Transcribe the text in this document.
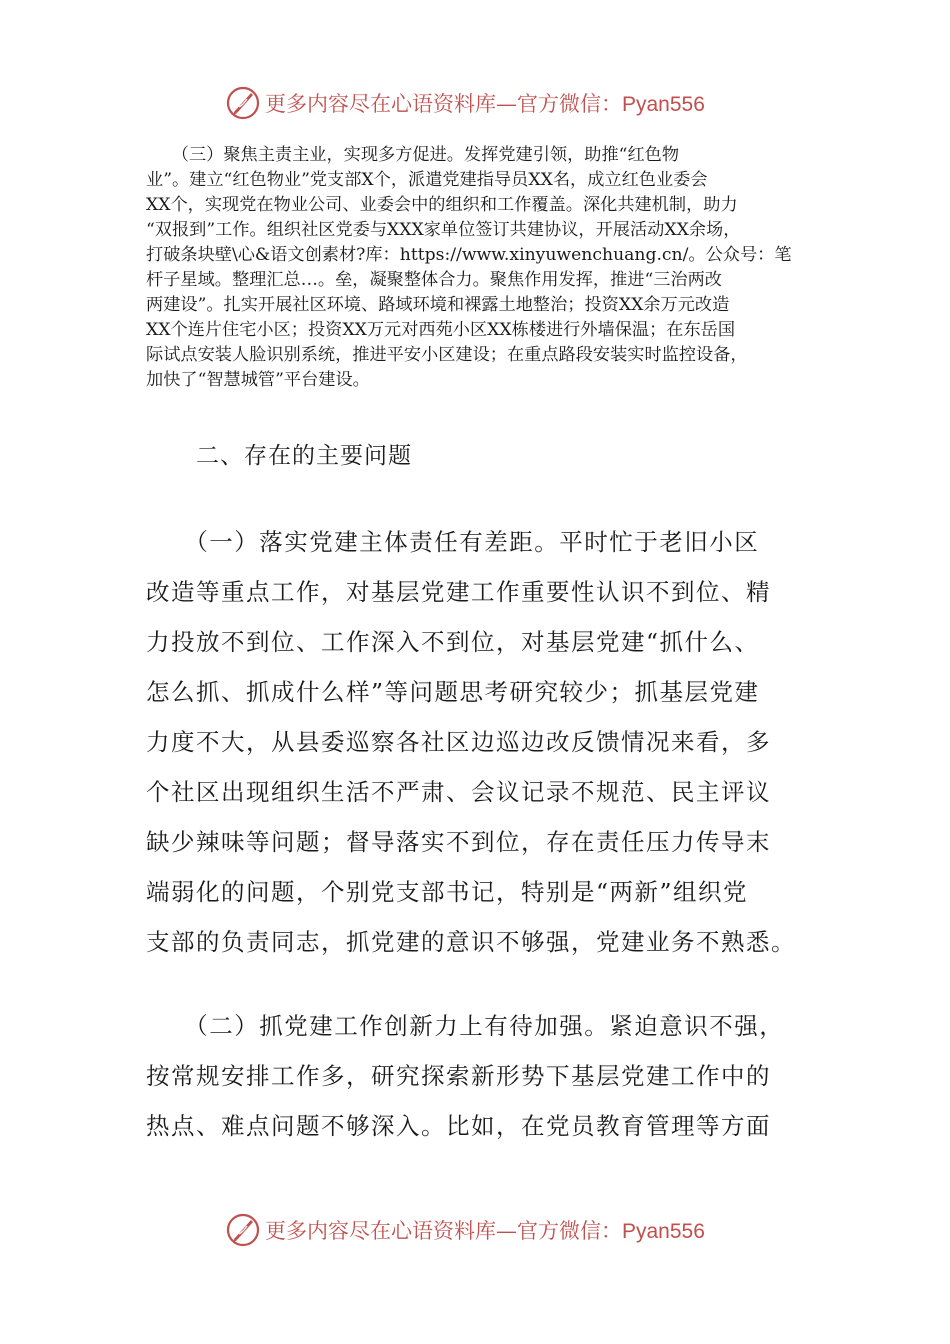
更多内容尽在心语资料库—官方微信：Pyan556
　　（三）聚焦主责主业，实现多方促进。发挥党建引领，助推“红色物
业”。建立“红色物业”党支部X个，派遣党建指导员XX名，成立红色业委会
XX个，实现党在物业公司、业委会中的组织和工作覆盖。深化共建机制，助力
“双报到”工作。组织社区党委与XXX家单位签订共建协议，开展活动XX余场，
打破条块壁\心&语文创素材?库：https://www.xinyuwenchuang.cn/。公众号：笔
杆子星域。整理汇总…。垒，凝聚整体合力。聚焦作用发挥，推进“三治两改
两建设”。扎实开展社区环境、路域环境和裸露土地整治；投资XX余万元改造
XX个连片住宅小区；投资XX万元对西苑小区XX栋楼进行外墙保温；在东岳国
际试点安装人脸识别系统，推进平安小区建设；在重点路段安装实时监控设备，
加快了“智慧城管”平台建设。
二、存在的主要问题
　　（一）落实党建主体责任有差距。平时忙于老旧小区
改造等重点工作，对基层党建工作重要性认识不到位、精
力投放不到位、工作深入不到位，对基层党建“抓什么、
怎么抓、抓成什么样”等问题思考研究较少；抓基层党建
力度不大，从县委巡察各社区边巡边改反馈情况来看，多
个社区出现组织生活不严肃、会议记录不规范、民主评议
缺少辣味等问题；督导落实不到位，存在责任压力传导末
端弱化的问题，个别党支部书记，特别是“两新”组织党
支部的负责同志，抓党建的意识不够强，党建业务不熟悉。
　　（二）抓党建工作创新力上有待加强。紧迫意识不强，
按常规安排工作多，研究探索新形势下基层党建工作中的
热点、难点问题不够深入。比如，在党员教育管理等方面
更多内容尽在心语资料库—官方微信：Pyan556
